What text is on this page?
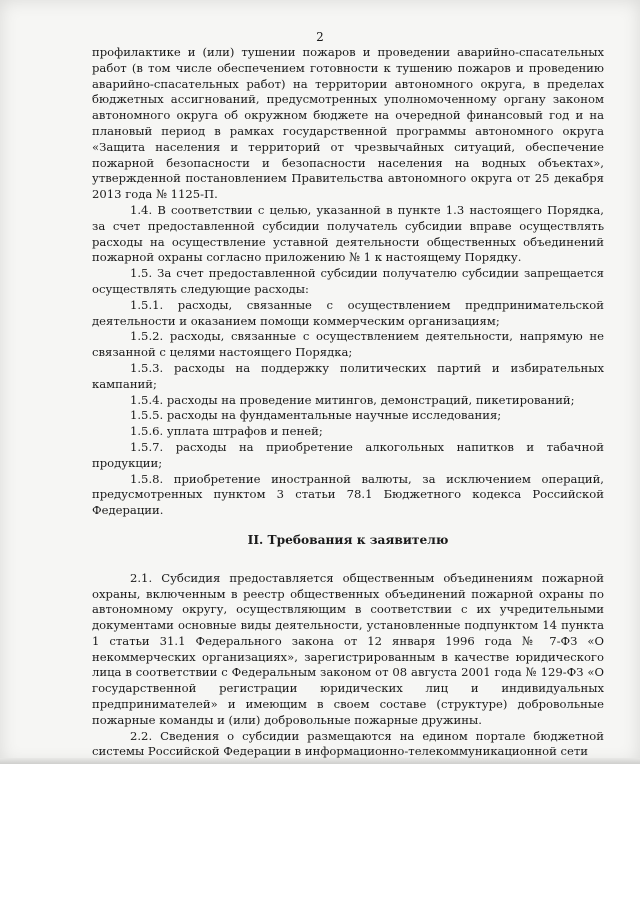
2

профилактике и (или) тушении пожаров и проведении аварийно-спасательных работ (в том числе обеспечением готовности к тушению пожаров и проведению аварийно-спасательных работ) на территории автономного округа, в пределах бюджетных ассигнований, предусмотренных уполномоченному органу законом автономного округа об окружном бюджете на очередной финансовый год и на плановый период в рамках государственной программы автономного округа «Защита населения и территорий от чрезвычайных ситуаций, обеспечение пожарной безопасности и безопасности населения на водных объектах», утвержденной постановлением Правительства автономного округа от 25 декабря 2013 года № 1125-П.

1.4. В соответствии с целью, указанной в пункте 1.3 настоящего Порядка, за счет предоставленной субсидии получатель субсидии вправе осуществлять расходы на осуществление уставной деятельности общественных объединений пожарной охраны согласно приложению № 1 к настоящему Порядку.

1.5. За счет предоставленной субсидии получателю субсидии запрещается осуществлять следующие расходы:

1.5.1. расходы, связанные с осуществлением предпринимательской деятельности и оказанием помощи коммерческим организациям;

1.5.2. расходы, связанные с осуществлением деятельности, напрямую не связанной с целями настоящего Порядка;

1.5.3. расходы на поддержку политических партий и избирательных кампаний;

1.5.4. расходы на проведение митингов, демонстраций, пикетирований;

1.5.5. расходы на фундаментальные научные исследования;

1.5.6. уплата штрафов и пеней;

1.5.7. расходы на приобретение алкогольных напитков и табачной продукции;

1.5.8. приобретение иностранной валюты, за исключением операций, предусмотренных пунктом 3 статьи 78.1 Бюджетного кодекса Российской Федерации.

II. Требования к заявителю

2.1. Субсидия предоставляется общественным объединениям пожарной охраны, включенным в реестр общественных объединений пожарной охраны по автономному округу, осуществляющим в соответствии с их учредительными документами основные виды деятельности, установленные подпунктом 14 пункта 1 статьи 31.1 Федерального закона от 12 января 1996 года № 7-ФЗ «О некоммерческих организациях», зарегистрированным в качестве юридического лица в соответствии с Федеральным законом от 08 августа 2001 года № 129-ФЗ «О государственной регистрации юридических лиц и индивидуальных предпринимателей» и имеющим в своем составе (структуре) добровольные пожарные команды и (или) добровольные пожарные дружины.

2.2. Сведения о субсидии размещаются на едином портале бюджетной системы Российской Федерации в информационно-телекоммуникационной сети
